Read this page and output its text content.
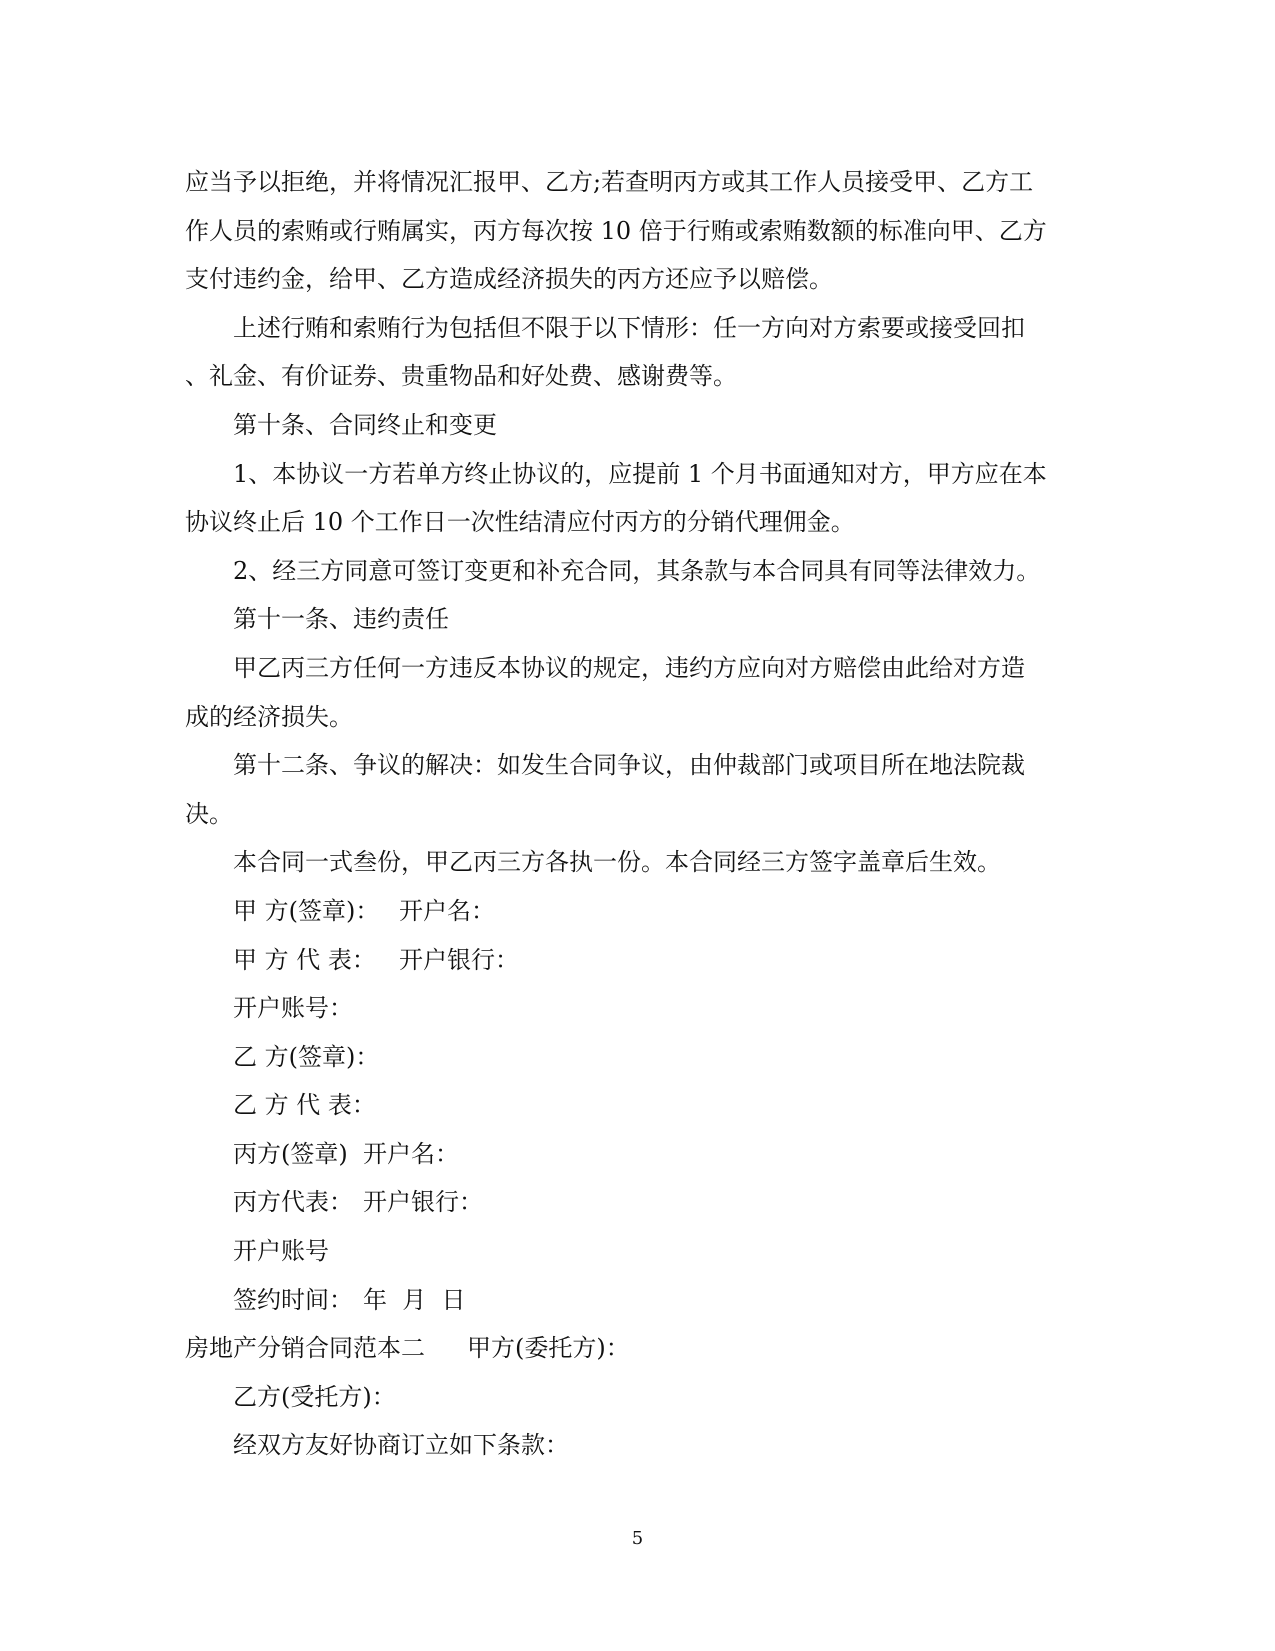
应当予以拒绝，并将情况汇报甲、乙方;若查明丙方或其工作人员接受甲、乙方工
作人员的索贿或行贿属实，丙方每次按 10 倍于行贿或索贿数额的标准向甲、乙方
支付违约金，给甲、乙方造成经济损失的丙方还应予以赔偿。
上述行贿和索贿行为包括但不限于以下情形：任一方向对方索要或接受回扣
、礼金、有价证券、贵重物品和好处费、感谢费等。
第十条、合同终止和变更
1、本协议一方若单方终止协议的，应提前 1 个月书面通知对方，甲方应在本
协议终止后 10 个工作日一次性结清应付丙方的分销代理佣金。
2、经三方同意可签订变更和补充合同，其条款与本合同具有同等法律效力。
第十一条、违约责任
甲乙丙三方任何一方违反本协议的规定，违约方应向对方赔偿由此给对方造
成的经济损失。
第十二条、争议的解决：如发生合同争议，由仲裁部门或项目所在地法院裁
决。
本合同一式叁份，甲乙丙三方各执一份。本合同经三方签字盖章后生效。
甲 方(签章)： 开户名：
甲 方 代 表： 开户银行：
开户账号：
乙 方(签章)：
乙 方 代 表：
丙方(签章) 开户名：
丙方代表： 开户银行：
开户账号
签约时间： 年  月  日
房地产分销合同范本二 甲方(委托方)：
乙方(受托方)：
经双方友好协商订立如下条款：
5
